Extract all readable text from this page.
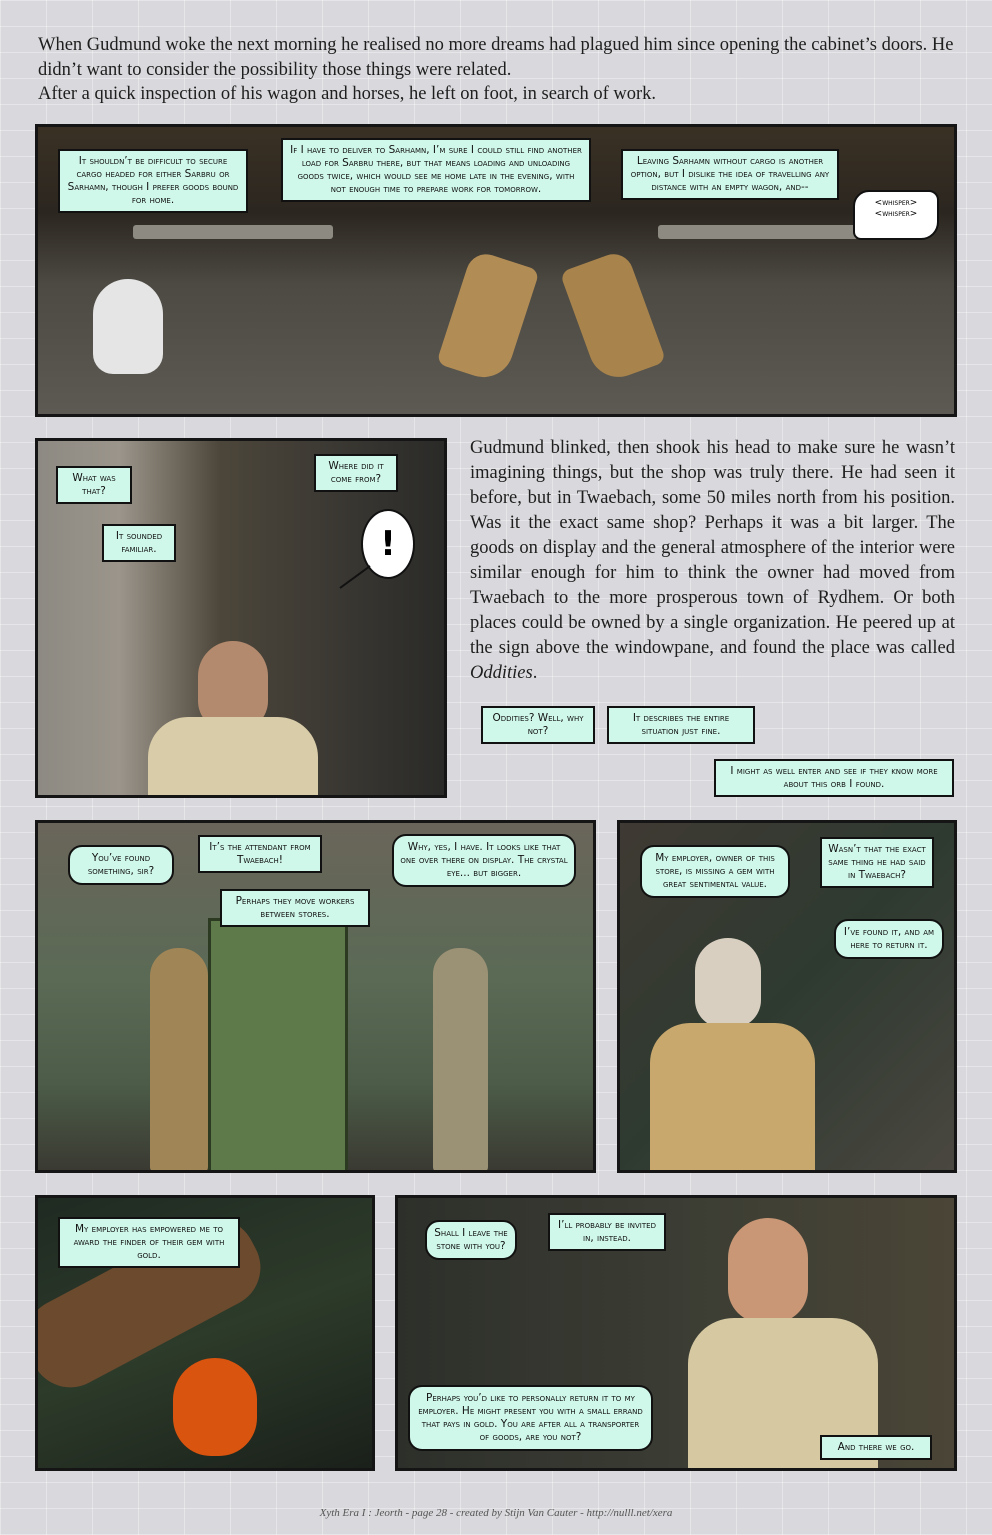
When Gudmund woke the next morning he realised no more dreams had plagued him since opening the cabinet’s doors. He didn’t want to consider the possibility those things were related.

After a quick inspection of his wagon and horses, he left on foot, in search of work.

It shouldn’t be difficult to secure cargo headed for either Sarbru or Sarhamn, though I prefer goods bound for home.
If I have to deliver to Sarhamn, I’m sure I could still find another load for Sarbru there, but that means loading and unloading goods twice, which would see me home late in the evening, with not enough time to prepare work for tomorrow.
Leaving Sarhamn without cargo is another option, but I dislike the idea of travelling any distance with an empty wagon, and--
<whisper>
<whisper>
What was that?
Where did it come from?
It sounded familiar.	!

Gudmund blinked, then shook his head to make sure he wasn’t imagining things, but the shop was truly there. He had seen it before, but in Twaebach, some 50 miles north from his position. Was it the exact same shop? Perhaps it was a bit larger. The goods on display and the general atmosphere of the interior were similar enough for him to think the owner had moved from Twaebach to the more prosperous town of Rydhem. Or both places could be owned by a single organization. He peered up at the sign above the windowpane, and found the place was called Oddities.

Oddities? Well, why not?
It describes the entire situation just fine.
I might as well enter and see if they know more about this orb I found.
You’ve found something, sir?
It’s the attendant from Twaebach!
Perhaps they move workers between stores.
Why, yes, I have. It looks like that one over there on display. The crystal eye... but bigger.
My employer, owner of this store, is missing a gem with great sentimental value.
Wasn’t that the exact same thing he had said in Twaebach?
I’ve found it, and am here to return it.
My employer has empowered me to award the finder of their gem with gold.
Shall I leave the stone with you?
I’ll probably be invited in, instead.
Perhaps you’d like to personally return it to my employer. He might present you with a small errand that pays in gold. You are after all a transporter of goods, are you not?
And there we go.
Xyth Era I : Jeorth - page 28 - created by Stijn Van Cauter - http://nulll.net/xera
